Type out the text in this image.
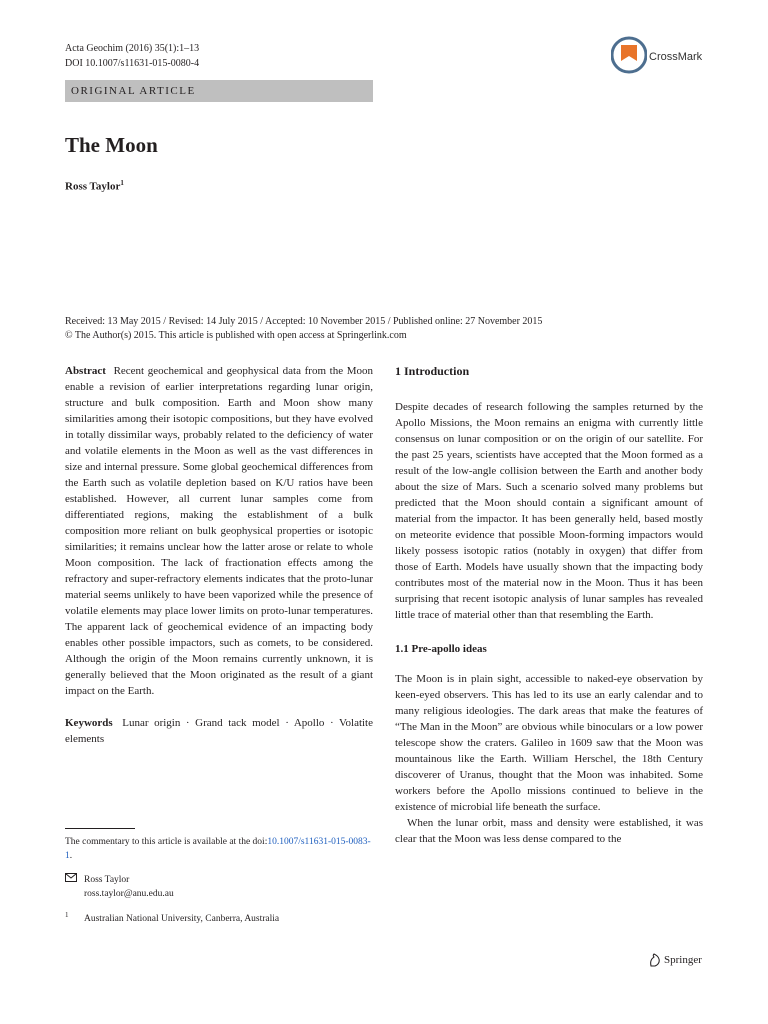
Acta Geochim (2016) 35(1):1–13
DOI 10.1007/s11631-015-0080-4
CrossMark
ORIGINAL ARTICLE
The Moon
Ross Taylor$^1$
Received: 13 May 2015 / Revised: 14 July 2015 / Accepted: 10 November 2015 / Published online: 27 November 2015
© The Author(s) 2015. This article is published with open access at Springerlink.com

Abstract Recent geochemical and geophysical data from the Moon enable a revision of earlier interpretations regarding lunar origin, structure and bulk composition. Earth and Moon show many similarities among their isotopic compositions, but they have evolved in totally dissimilar ways, probably related to the deficiency of water and volatile elements in the Moon as well as the vast differences in size and internal pressure. Some global geochemical differences from the Earth such as volatile depletion based on K/U ratios have been established. However, all current lunar samples come from differentiated regions, making the establishment of a bulk composition more reliant on bulk geophysical properties or isotopic similarities; it remains unclear how the latter arose or relate to whole Moon composition. The lack of fractionation effects among the refractory and super-refractory elements indicates that the proto-lunar material seems unlikely to have been vaporized while the presence of volatile elements may place lower limits on proto-lunar temperatures. The apparent lack of geochemical evidence of an impacting body enables other possible impactors, such as comets, to be considered. Although the origin of the Moon remains currently unknown, it is generally believed that the Moon originated as the result of a giant impact on the Earth.

Keywords Lunar origin · Grand tack model · Apollo · Volatite elements

The commentary to this article is available at the doi:10.1007/s11631-015-0083-1.
Ross Taylor
ross.taylor@anu.edu.au
1 Australian National University, Canberra, Australia
1 Introduction

Despite decades of research following the samples returned by the Apollo Missions, the Moon remains an enigma with currently little consensus on lunar composition or on the origin of our satellite. For the past 25 years, scientists have accepted that the Moon formed as a result of the low-angle collision between the Earth and another body about the size of Mars. Such a scenario solved many problems but predicted that the Moon should contain a significant amount of material from the impactor. It has been generally held, based mostly on meteorite evidence that possible Moon-forming impactors would likely possess isotopic ratios (notably in oxygen) that differ from those of Earth. Models have usually shown that the impacting body contributes most of the material now in the Moon. Thus it has been surprising that recent isotopic analysis of lunar samples has revealed little trace of material other than that resembling the Earth.

1.1 Pre-apollo ideas

The Moon is in plain sight, accessible to naked-eye observation by keen-eyed observers. This has led to its use an early calendar and to many religious ideologies. The dark areas that make the features of “The Man in the Moon” are obvious while binoculars or a low power telescope show the craters. Galileo in 1609 saw that the Moon was mountainous like the Earth. William Herschel, the 18th Century discoverer of Uranus, thought that the Moon was inhabited. Some workers before the Apollo missions continued to believe in the existence of microbial life beneath the surface.

When the lunar orbit, mass and density were established, it was clear that the Moon was less dense compared to the

Springer
